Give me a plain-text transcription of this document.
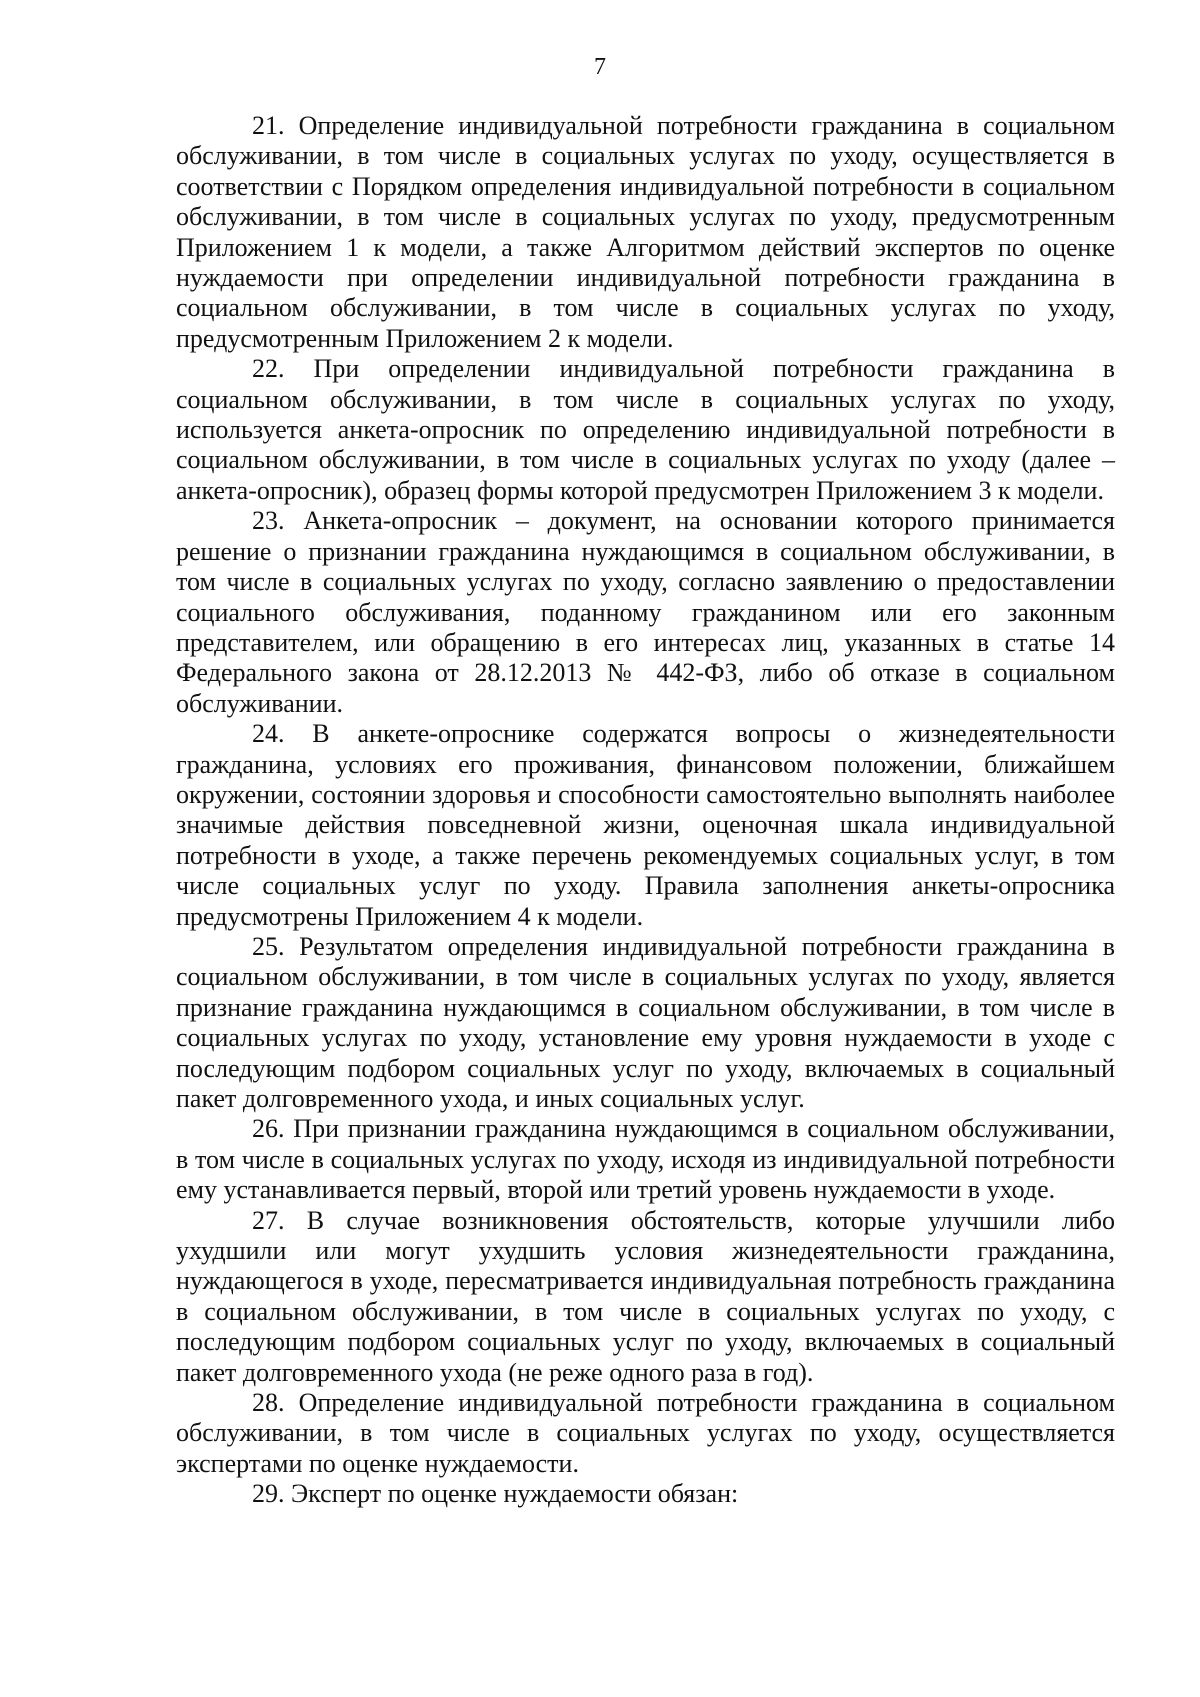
7

21. Определение индивидуальной потребности гражданина в социальном обслуживании, в том числе в социальных услугах по уходу, осуществляется в соответствии с Порядком определения индивидуальной потребности в социальном обслуживании, в том числе в социальных услугах по уходу, предусмотренным Приложением 1 к модели, а также Алгоритмом действий экспертов по оценке нуждаемости при определении индивидуальной потребности гражданина в социальном обслуживании, в том числе в социальных услугах по уходу, предусмотренным Приложением 2 к модели.

22. При определении индивидуальной потребности гражданина в социальном обслуживании, в том числе в социальных услугах по уходу, используется анкета-опросник по определению индивидуальной потребности в социальном обслуживании, в том числе в социальных услугах по уходу (далее – анкета-опросник), образец формы которой предусмотрен Приложением 3 к модели.

23. Анкета-опросник – документ, на основании которого принимается решение о признании гражданина нуждающимся в социальном обслуживании, в том числе в социальных услугах по уходу, согласно заявлению о предоставлении социального обслуживания, поданному гражданином или его законным представителем, или обращению в его интересах лиц, указанных в статье 14 Федерального закона от 28.12.2013 № 442-ФЗ, либо об отказе в социальном обслуживании.

24. В анкете-опроснике содержатся вопросы о жизнедеятельности гражданина, условиях его проживания, финансовом положении, ближайшем окружении, состоянии здоровья и способности самостоятельно выполнять наиболее значимые действия повседневной жизни, оценочная шкала индивидуальной потребности в уходе, а также перечень рекомендуемых социальных услуг, в том числе социальных услуг по уходу. Правила заполнения анкеты-опросника предусмотрены Приложением 4 к модели.

25. Результатом определения индивидуальной потребности гражданина в социальном обслуживании, в том числе в социальных услугах по уходу, является признание гражданина нуждающимся в социальном обслуживании, в том числе в социальных услугах по уходу, установление ему уровня нуждаемости в уходе с последующим подбором социальных услуг по уходу, включаемых в социальный пакет долговременного ухода, и иных социальных услуг.

26. При признании гражданина нуждающимся в социальном обслуживании, в том числе в социальных услугах по уходу, исходя из индивидуальной потребности ему устанавливается первый, второй или третий уровень нуждаемости в уходе.

27. В случае возникновения обстоятельств, которые улучшили либо ухудшили или могут ухудшить условия жизнедеятельности гражданина, нуждающегося в уходе, пересматривается индивидуальная потребность гражданина в социальном обслуживании, в том числе в социальных услугах по уходу, с последующим подбором социальных услуг по уходу, включаемых в социальный пакет долговременного ухода (не реже одного раза в год).

28. Определение индивидуальной потребности гражданина в социальном обслуживании, в том числе в социальных услугах по уходу, осуществляется экспертами по оценке нуждаемости.

29. Эксперт по оценке нуждаемости обязан:
